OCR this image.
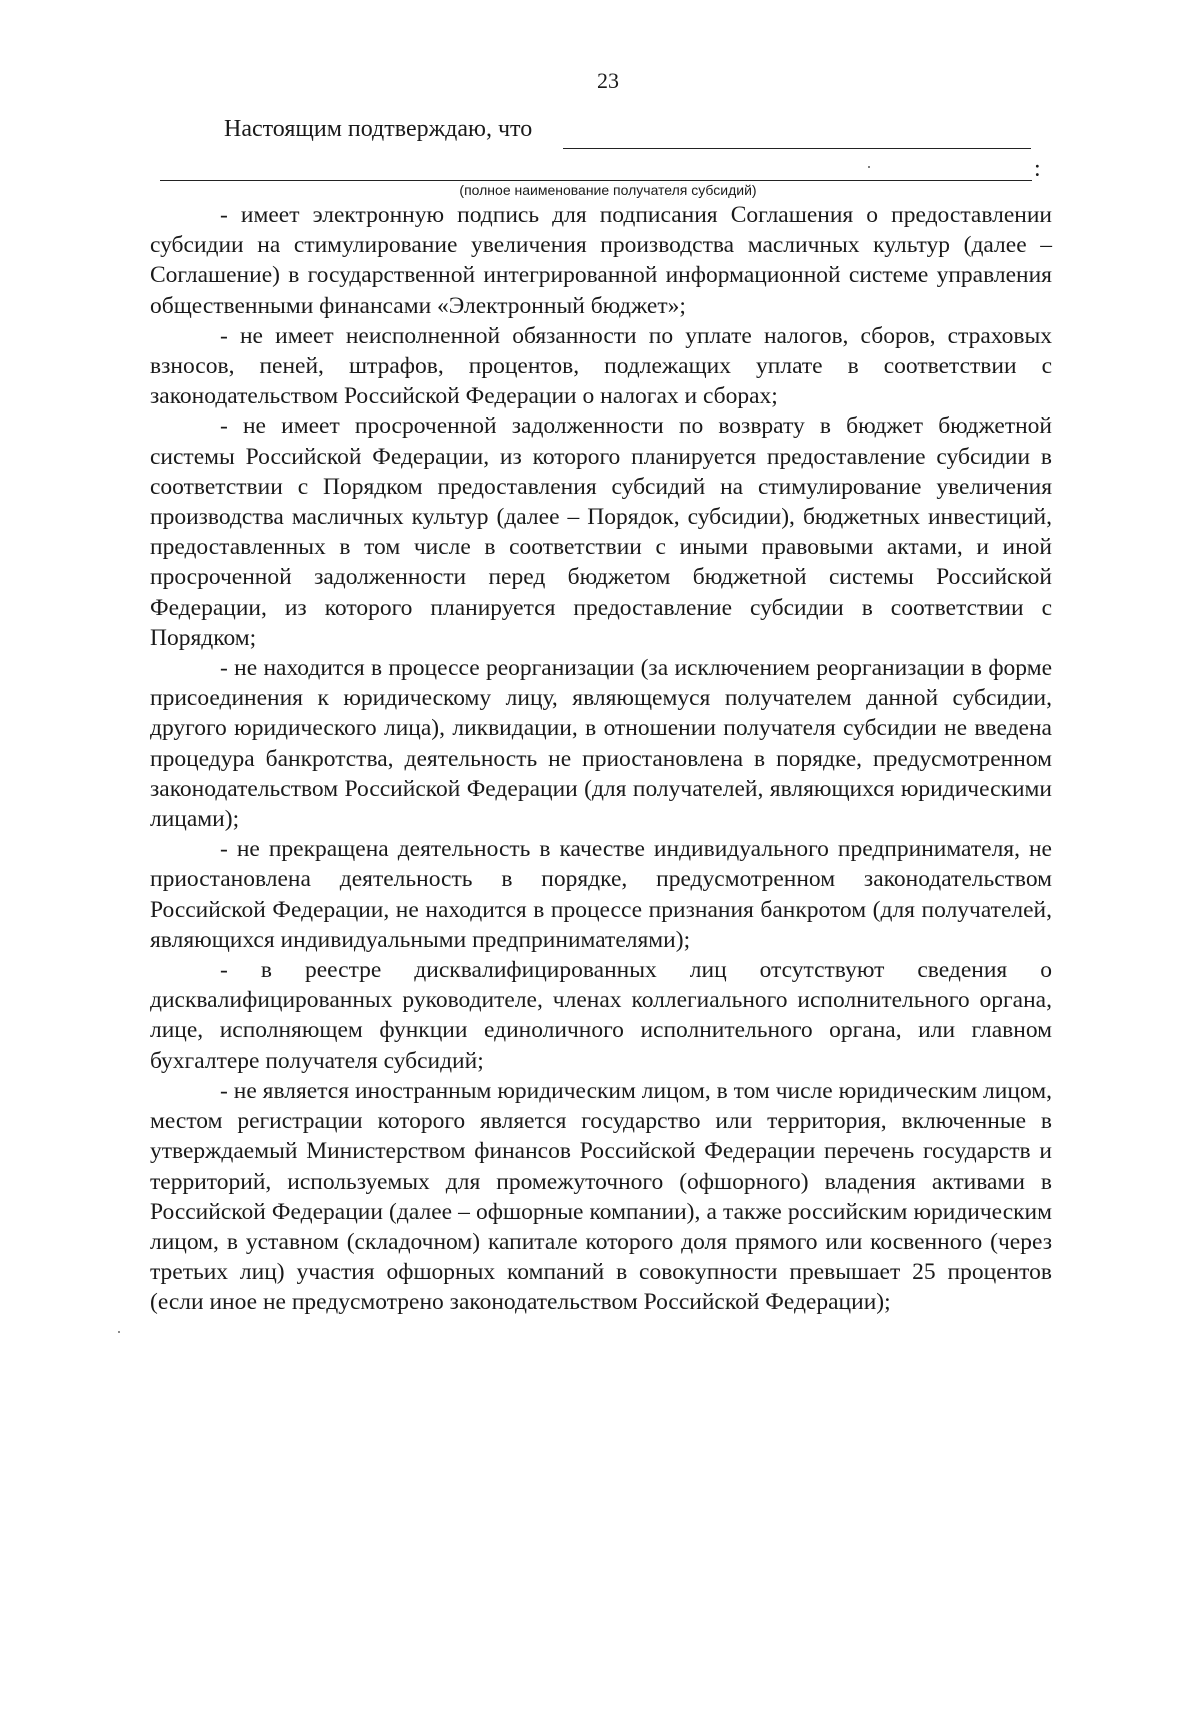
23
Настоящим подтверждаю, что
:
(полное наименование получателя субсидий)

- имеет электронную подпись для подписания Соглашения о предоставлении субсидии на стимулирование увеличения производства масличных культур (далее – Соглашение) в государственной интегрированной информационной системе управления общественными финансами «Электронный бюджет»;

- не имеет неисполненной обязанности по уплате налогов, сборов, страховых взносов, пеней, штрафов, процентов, подлежащих уплате в соответствии с законодательством Российской Федерации о налогах и сборах;

- не имеет просроченной задолженности по возврату в бюджет бюджетной системы Российской Федерации, из которого планируется предоставление субсидии в соответствии с Порядком предоставления субсидий на стимулирование увеличения производства масличных культур (далее – Порядок, субсидии), бюджетных инвестиций, предоставленных в том числе в соответствии с иными правовыми актами, и иной просроченной задолженности перед бюджетом бюджетной системы Российской Федерации, из которого планируется предоставление субсидии в соответствии с Порядком;

- не находится в процессе реорганизации (за исключением реорганизации в форме присоединения к юридическому лицу, являющемуся получателем данной субсидии, другого юридического лица), ликвидации, в отношении получателя субсидии не введена процедура банкротства, деятельность не приостановлена в порядке, предусмотренном законодательством Российской Федерации (для получателей, являющихся юридическими лицами);

- не прекращена деятельность в качестве индивидуального предпринимателя, не приостановлена деятельность в порядке, предусмотренном законодательством Российской Федерации, не находится в процессе признания банкротом (для получателей, являющихся индивидуальными предпринимателями);

- в реестре дисквалифицированных лиц отсутствуют сведения о дисквалифицированных руководителе, членах коллегиального исполнительного органа, лице, исполняющем функции единоличного исполнительного органа, или главном бухгалтере получателя субсидий;

- не является иностранным юридическим лицом, в том числе юридическим лицом, местом регистрации которого является государство или территория, включенные в утверждаемый Министерством финансов Российской Федерации перечень государств и территорий, используемых для промежуточного (офшорного) владения активами в Российской Федерации (далее – офшорные компании), а также российским юридическим лицом, в уставном (складочном) капитале которого доля прямого или косвенного (через третьих лиц) участия офшорных компаний в совокупности превышает 25 процентов (если иное не предусмотрено законодательством Российской Федерации);
